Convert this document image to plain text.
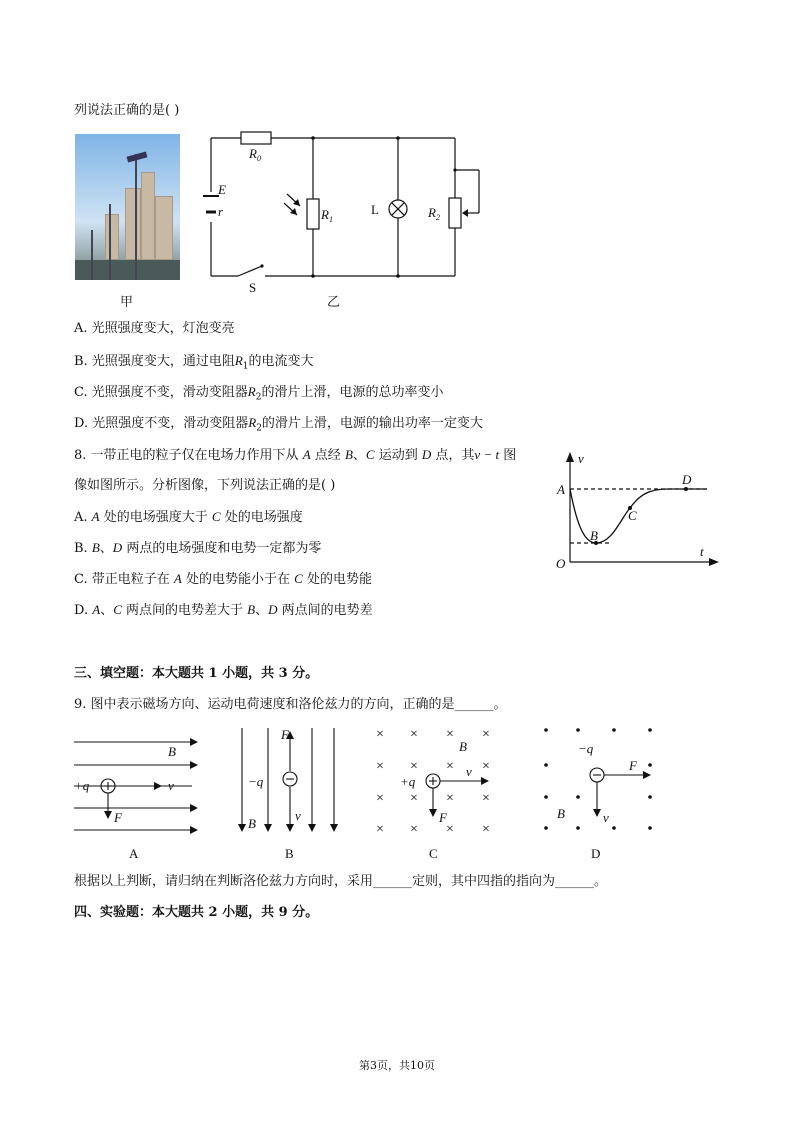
列说法正确的是( )
甲
$R_0$
E
r	$R_1$	$R_2$
L
S
乙
A. 光照强度变大，灯泡变亮
B. 光照强度变大，通过电阻$R_1$的电流变大
C. 光照强度不变，滑动变阻器$R_2$的滑片上滑，电源的总功率变小
D. 光照强度不变，滑动变阻器$R_2$的滑片上滑，电源的输出功率一定变大
8. 一带正电的粒子仅在电场力作用下从 A 点经 B、C 运动到 D 点，其v − t 图
像如图所示。分析图像，下列说法正确的是( )
A. A 处的电场强度大于 C 处的电场强度
B. B、D 两点的电场强度和电势一定都为零
C. 带正电粒子在 A 处的电势能小于在 C 处的电势能
D. A、C 两点间的电势差大于 B、D 两点间的电势差
v
t
O
A
B
C
D
三、填空题：本大题共 1 小题，共 3 分。
9. 图中表示磁场方向、运动电荷速度和洛伦兹力的方向，正确的是______。
× × × ×
× × × ×
× × × ×
× × × ×
B
+q	v
F
F
−q
v
B
B
+q
v
F
−q
F
B	v
A	B	C	D
根据以上判断，请归纳在判断洛伦兹力方向时，采用______定则，其中四指的指向为______。
四、实验题：本大题共 2 小题，共 9 分。
第3页，共10页
